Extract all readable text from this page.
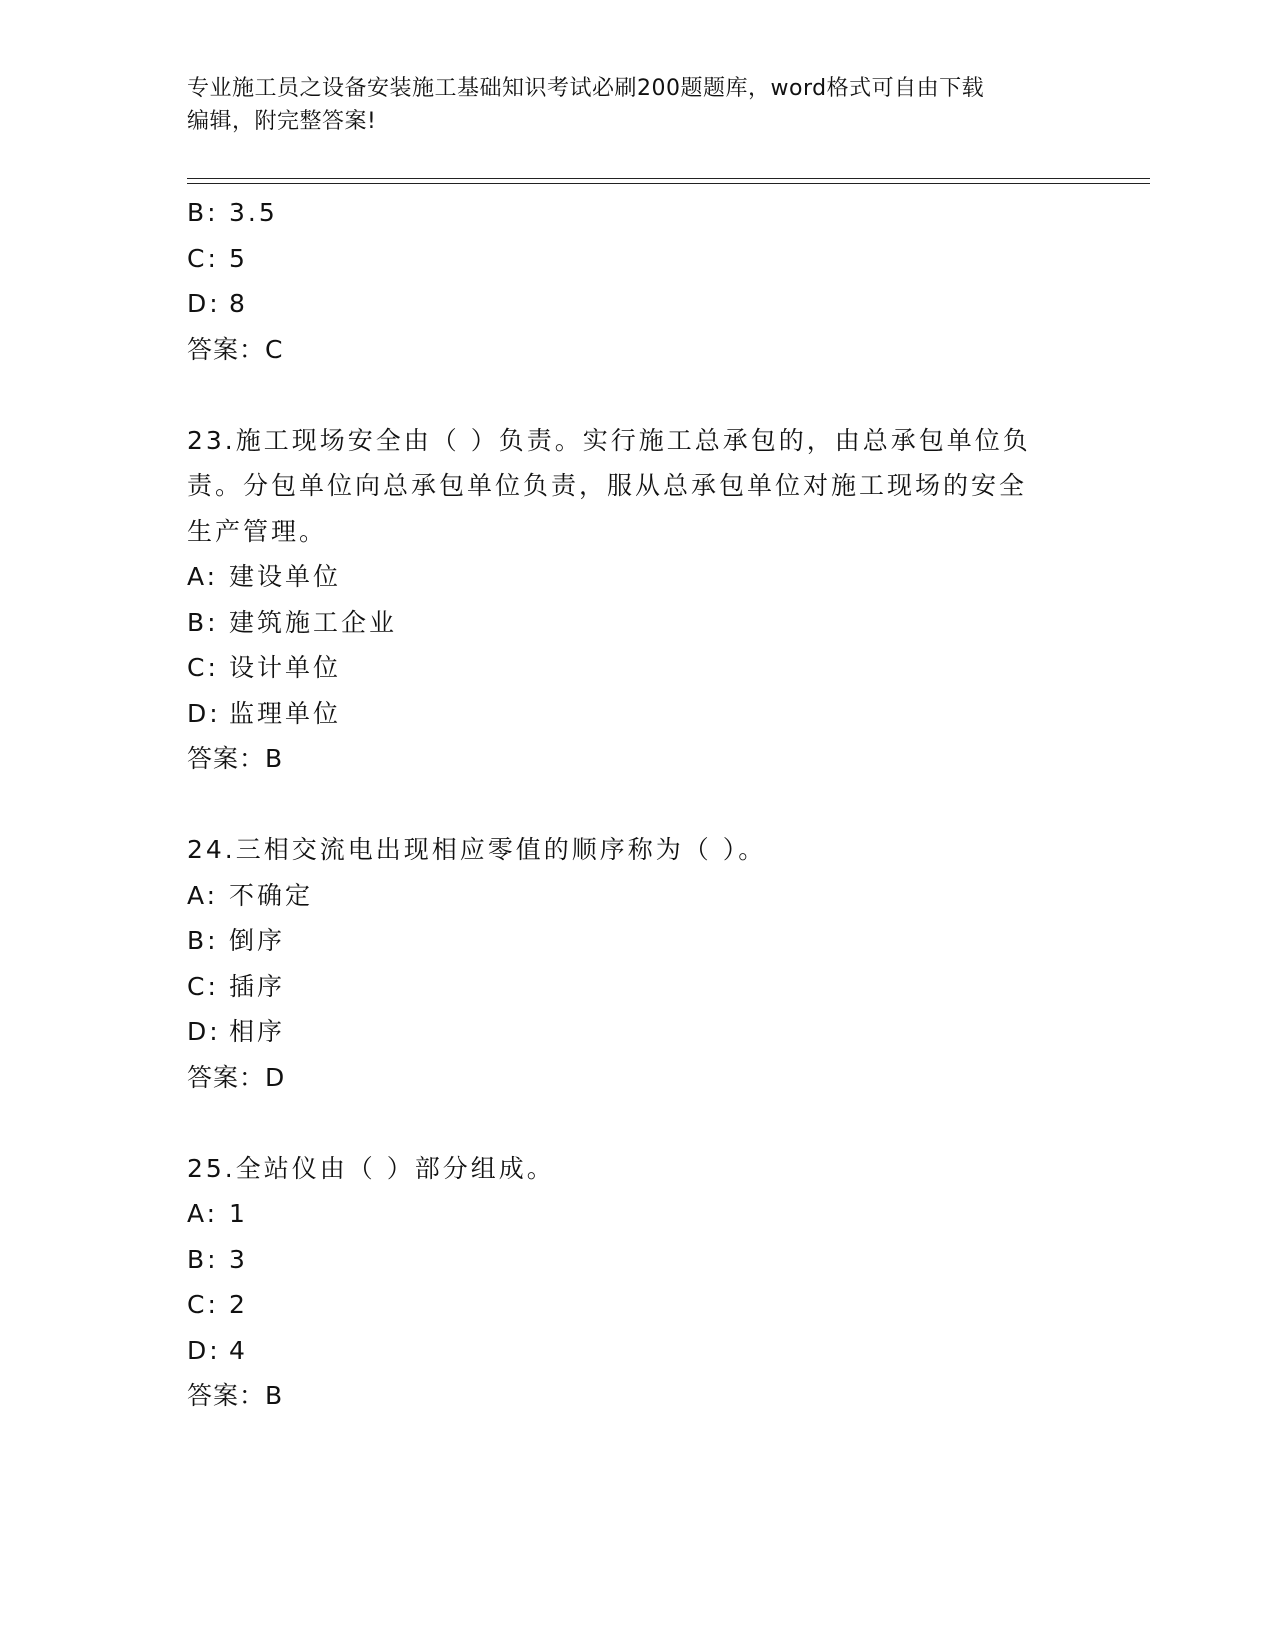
专业施工员之设备安装施工基础知识考试必刷200题题库，word格式可自由下载
编辑，附完整答案!
B: 3.5
C: 5
D: 8
答案：C
23.施工现场安全由（ ）负责。实行施工总承包的，由总承包单位负
责。分包单位向总承包单位负责，服从总承包单位对施工现场的安全
生产管理。
A: 建设单位
B: 建筑施工企业
C: 设计单位
D: 监理单位
答案：B
24.三相交流电出现相应零值的顺序称为（ ）。
A: 不确定
B: 倒序
C: 插序
D: 相序
答案：D
25.全站仪由（ ）部分组成。
A: 1
B: 3
C: 2
D: 4
答案：B
